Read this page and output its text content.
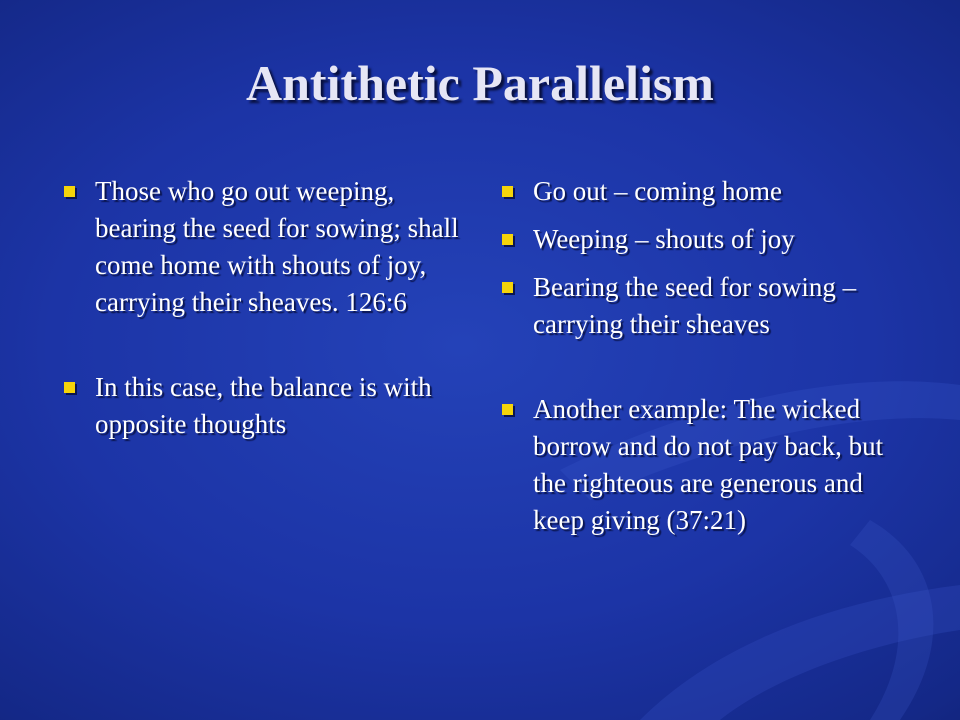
Antithetic Parallelism
Those who go out weeping, bearing the seed for sowing; shall come home with shouts of joy, carrying their sheaves. 126:6
In this case, the balance is with opposite thoughts
Go out – coming home
Weeping – shouts of joy
Bearing the seed for sowing – carrying their sheaves
Another example: The wicked borrow and do not pay back, but the righteous are generous and keep giving (37:21)
